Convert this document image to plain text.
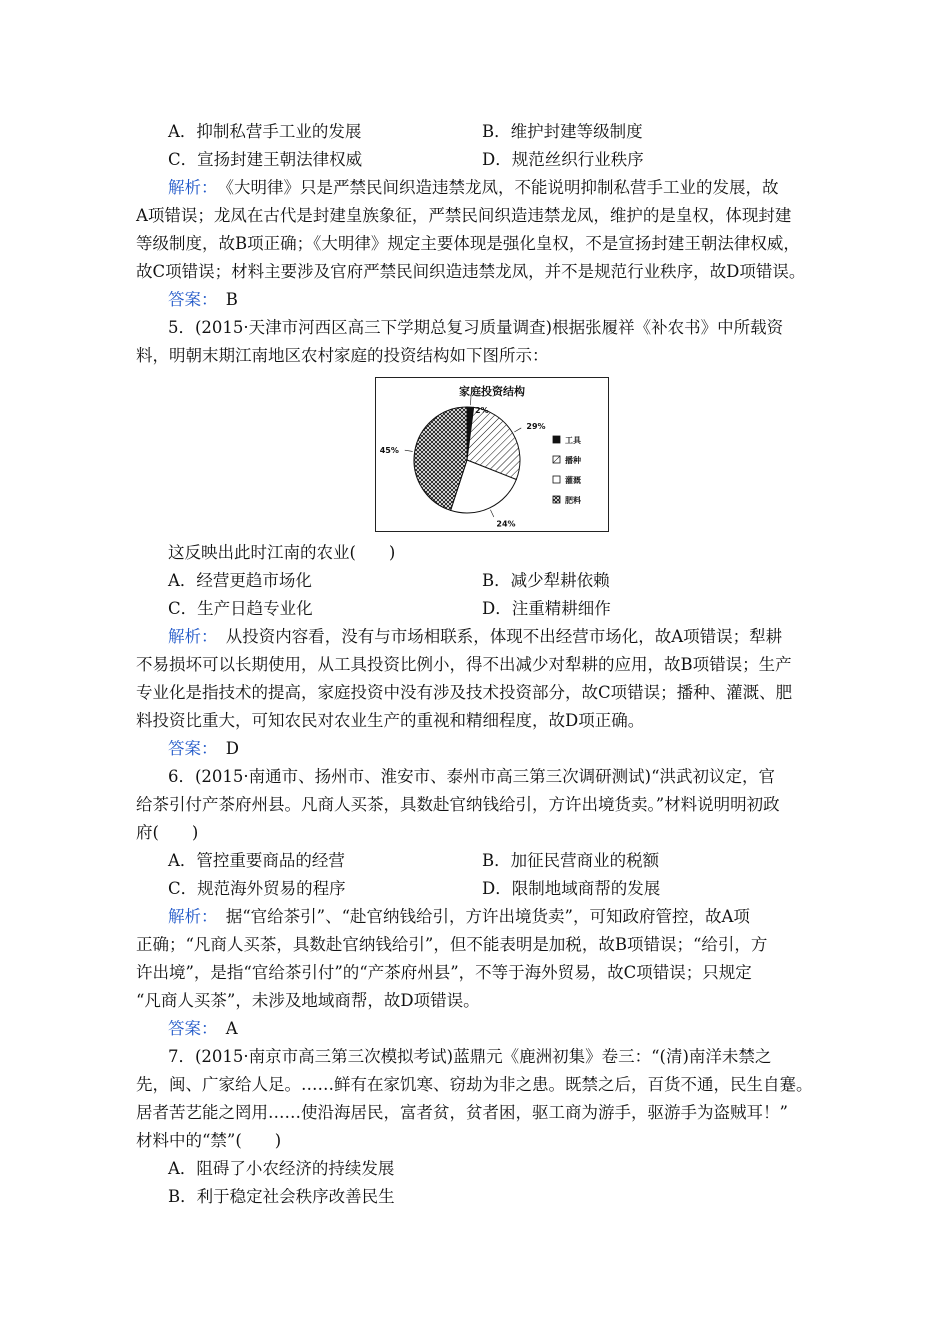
A．抑制私营手工业的发展	B．维护封建等级制度
C．宣扬封建王朝法律权威	D．规范丝织行业秩序
解析：　 《大明律》只是严禁民间织造违禁龙凤，不能说明抑制私营手工业的发展，故
A项错误；龙凤在古代是封建皇族象征，严禁民间织造违禁龙凤，维护的是皇权，体现封建
等级制度，故B项正确；《大明律》规定主要体现是强化皇权，不是宣扬封建王朝法律权威，
故C项错误；材料主要涉及官府严禁民间织造违禁龙凤，并不是规范行业秩序，故D项错误。
答案：　 B
5．(2015·天津市河西区高三下学期总复习质量调查)根据张履祥《补农书》中所载资
料，明朝末期江南地区农村家庭的投资结构如下图所示：
家庭投资结构
2%
29%
24%
45%
工具
播种
灌溉
肥料
这反映出此时江南的农业(　　)
A．经营更趋市场化	B．减少犁耕依赖
C．生产日趋专业化	D．注重精耕细作
解析：　 从投资内容看，没有与市场相联系，体现不出经营市场化，故A项错误；犁耕
不易损坏可以长期使用，从工具投资比例小，得不出减少对犁耕的应用，故B项错误；生产
专业化是指技术的提高，家庭投资中没有涉及技术投资部分，故C项错误；播种、灌溉、肥
料投资比重大，可知农民对农业生产的重视和精细程度，故D项正确。
答案：　 D
6．(2015·南通市、扬州市、淮安市、泰州市高三第三次调研测试)“洪武初议定，官
给茶引付产茶府州县。凡商人买茶，具数赴官纳钱给引，方许出境货卖。”材料说明明初政
府(　　)
A．管控重要商品的经营	B．加征民营商业的税额
C．规范海外贸易的程序	D．限制地域商帮的发展
解析：　 据“官给茶引”、“赴官纳钱给引，方许出境货卖”，可知政府管控，故A项
正确；“凡商人买茶，具数赴官纳钱给引”，但不能表明是加税，故B项错误；“给引，方
许出境”，是指“官给茶引付”的“产茶府州县”，不等于海外贸易，故C项错误；只规定
“凡商人买茶”，未涉及地域商帮，故D项错误。
答案：　 A
7．(2015·南京市高三第三次模拟考试)蓝鼎元《鹿洲初集》卷三：“(清)南洋未禁之
先，闽、广家给人足。……鲜有在家饥寒、窃劫为非之患。既禁之后，百货不通，民生自蹇。
居者苦艺能之罔用……使沿海居民，富者贫，贫者困，驱工商为游手，驱游手为盗贼耳！”
材料中的“禁”(　　)
A．阻碍了小农经济的持续发展
B．利于稳定社会秩序改善民生
